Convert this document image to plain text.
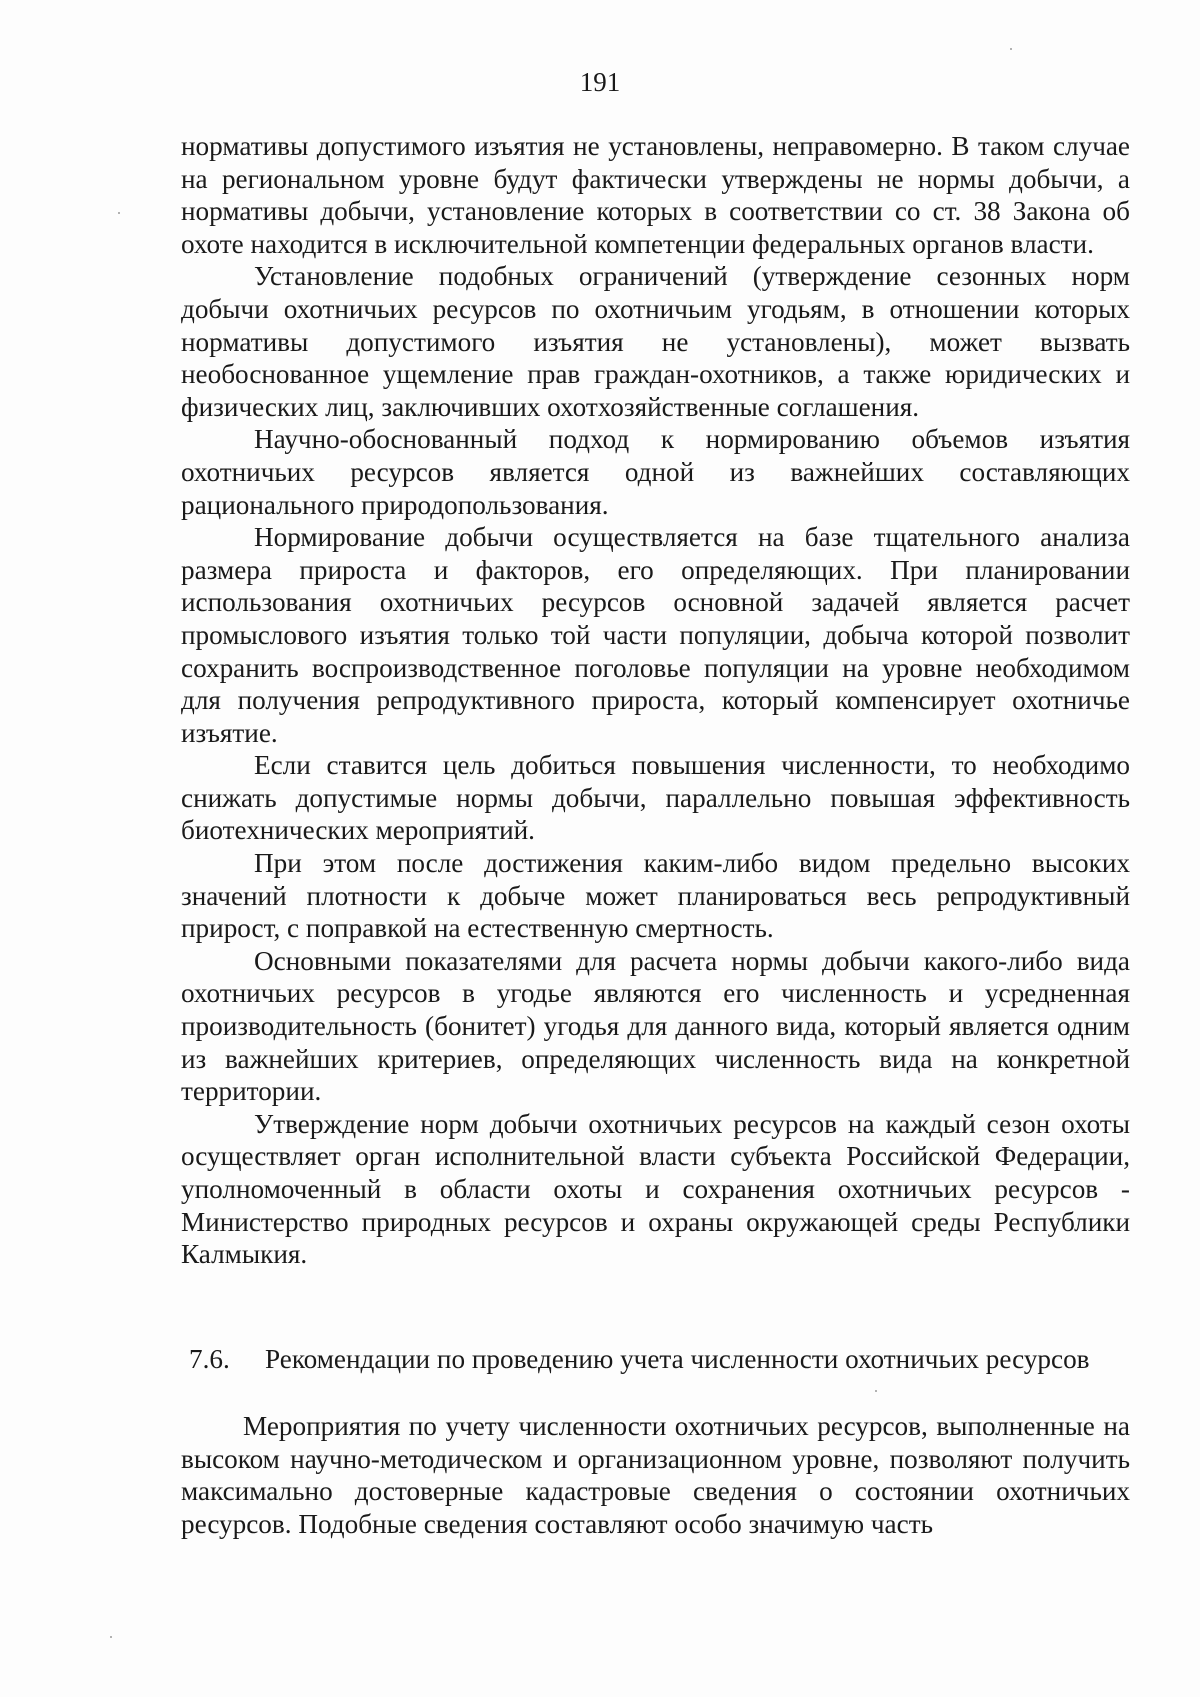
191

нормативы допустимого изъятия не установлены, неправомерно. В таком случае на региональном уровне будут фактически утверждены не нормы добычи, а нормативы добычи, установление которых в соответствии со ст. 38 Закона об охоте находится в исключительной компетенции федеральных органов власти.

Установление подобных ограничений (утверждение сезонных норм добычи охотничьих ресурсов по охотничьим угодьям, в отношении которых нормативы допустимого изъятия не установлены), может вызвать необоснованное ущемление прав граждан-охотников, а также юридических и физических лиц, заключивших охотхозяйственные соглашения.

Научно-обоснованный подход к нормированию объемов изъятия охотничьих ресурсов является одной из важнейших составляющих рационального природопользования.

Нормирование добычи осуществляется на базе тщательного анализа размера прироста и факторов, его определяющих. При планировании использования охотничьих ресурсов основной задачей является расчет промыслового изъятия только той части популяции, добыча которой позволит сохранить воспроизводственное поголовье популяции на уровне необходимом для получения репродуктивного прироста, который компенсирует охотничье изъятие.

Если ставится цель добиться повышения численности, то необходимо снижать допустимые нормы добычи, параллельно повышая эффективность биотехнических мероприятий.

При этом после достижения каким-либо видом предельно высоких значений плотности к добыче может планироваться весь репродуктивный прирост, с поправкой на естественную смертность.

Основными показателями для расчета нормы добычи какого-либо вида охотничьих ресурсов в угодье являются его численность и усредненная производительность (бонитет) угодья для данного вида, который является одним из важнейших критериев, определяющих численность вида на конкретной территории.

Утверждение норм добычи охотничьих ресурсов на каждый сезон охоты осуществляет орган исполнительной власти субъекта Российской Федерации, уполномоченный в области охоты и сохранения охотничьих ресурсов - Министерство природных ресурсов и охраны окружающей среды Республики Калмыкия.

7.6. Рекомендации по проведению учета численности охотничьих ресурсов

Мероприятия по учету численности охотничьих ресурсов, выполненные на высоком научно-методическом и организационном уровне, позволяют получить максимально достоверные кадастровые сведения о состоянии охотничьих ресурсов. Подобные сведения составляют особо значимую часть
